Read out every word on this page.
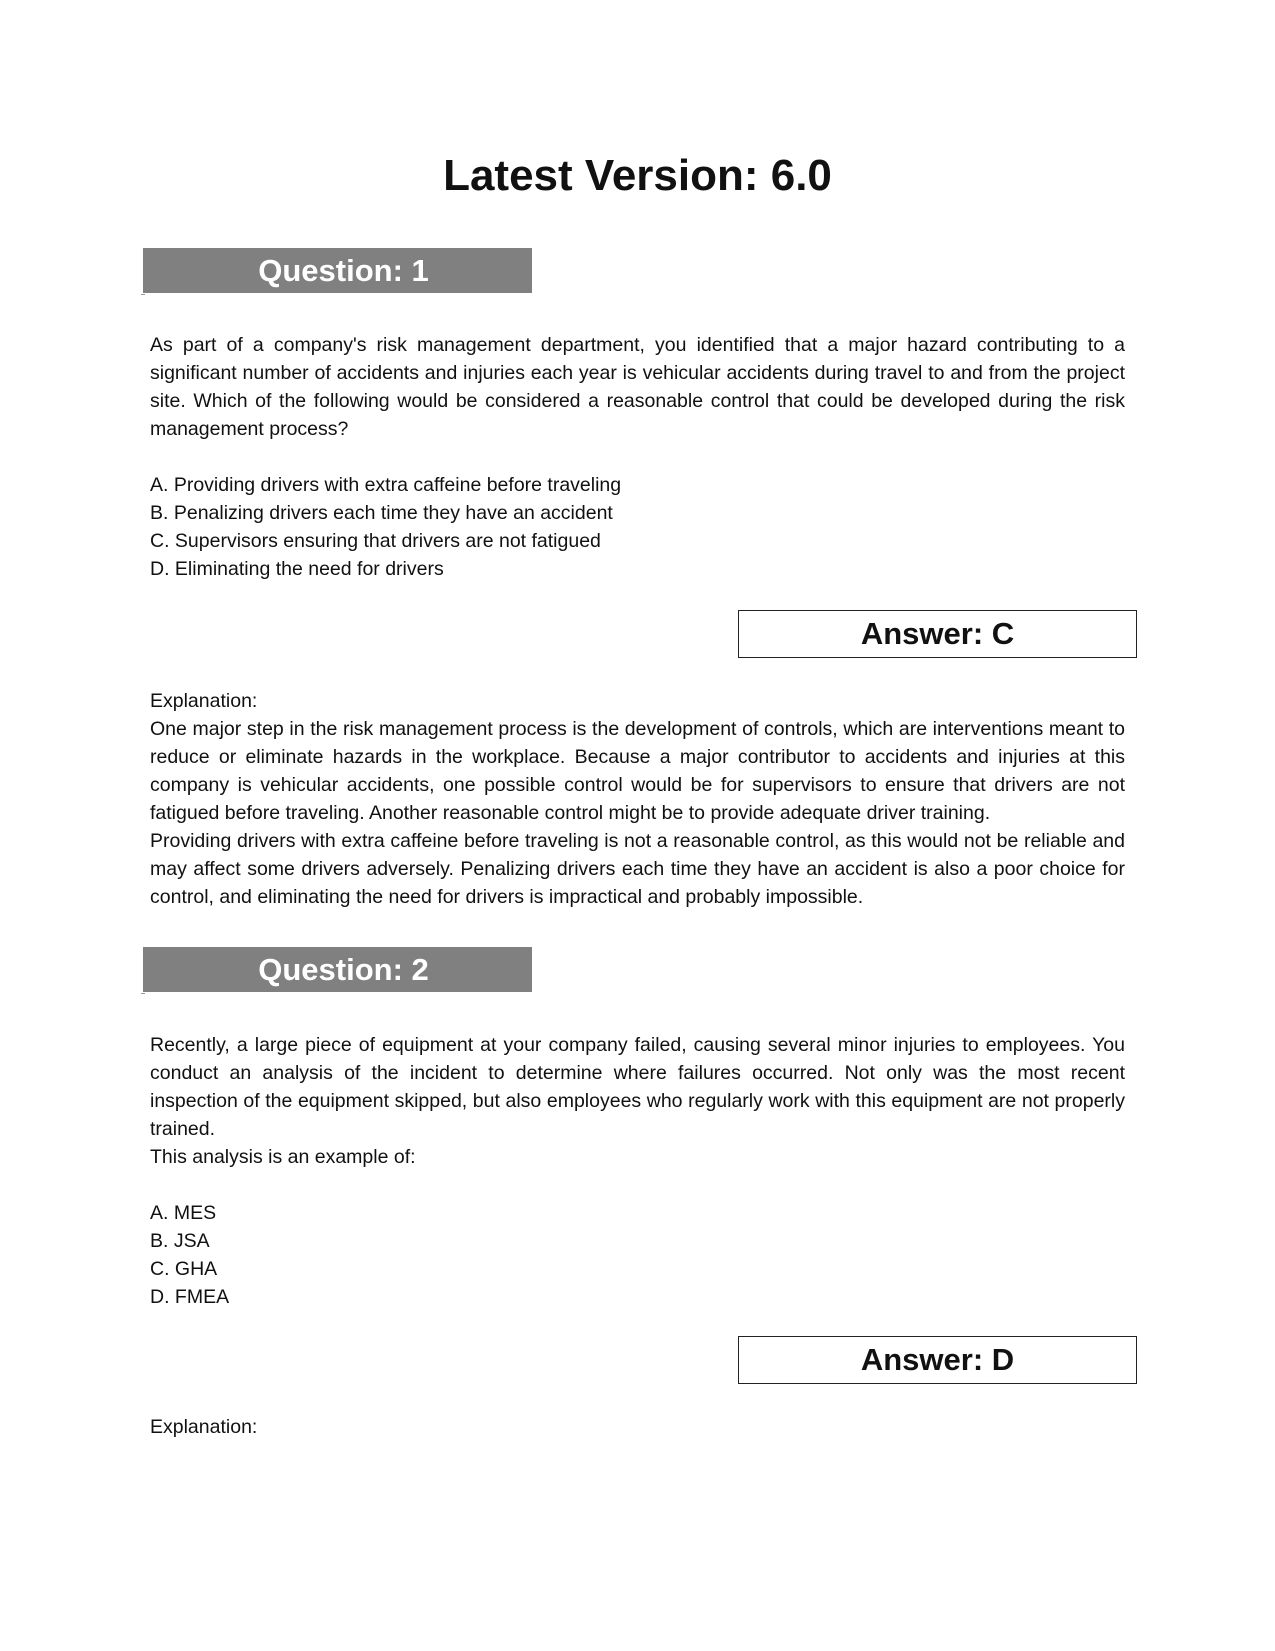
Latest Version: 6.0
Question: 1

As part of a company's risk management department, you identified that a major hazard contributing to a significant number of accidents and injuries each year is vehicular accidents during travel to and from the project site. Which of the following would be considered a reasonable control that could be developed during the risk management process?

A. Providing drivers with extra caffeine before traveling
B. Penalizing drivers each time they have an accident
C. Supervisors ensuring that drivers are not fatigued
D. Eliminating the need for drivers
Answer: C

Explanation:

One major step in the risk management process is the development of controls, which are interventions meant to reduce or eliminate hazards in the workplace. Because a major contributor to accidents and injuries at this company is vehicular accidents, one possible control would be for supervisors to ensure that drivers are not fatigued before traveling. Another reasonable control might be to provide adequate driver training.

Providing drivers with extra caffeine before traveling is not a reasonable control, as this would not be reliable and may affect some drivers adversely. Penalizing drivers each time they have an accident is also a poor choice for control, and eliminating the need for drivers is impractical and probably impossible.

Question: 2

Recently, a large piece of equipment at your company failed, causing several minor injuries to employees. You conduct an analysis of the incident to determine where failures occurred. Not only was the most recent inspection of the equipment skipped, but also employees who regularly work with this equipment are not properly trained.

This analysis is an example of:

A. MES
B. JSA
C. GHA
D. FMEA
Answer: D

Explanation:
